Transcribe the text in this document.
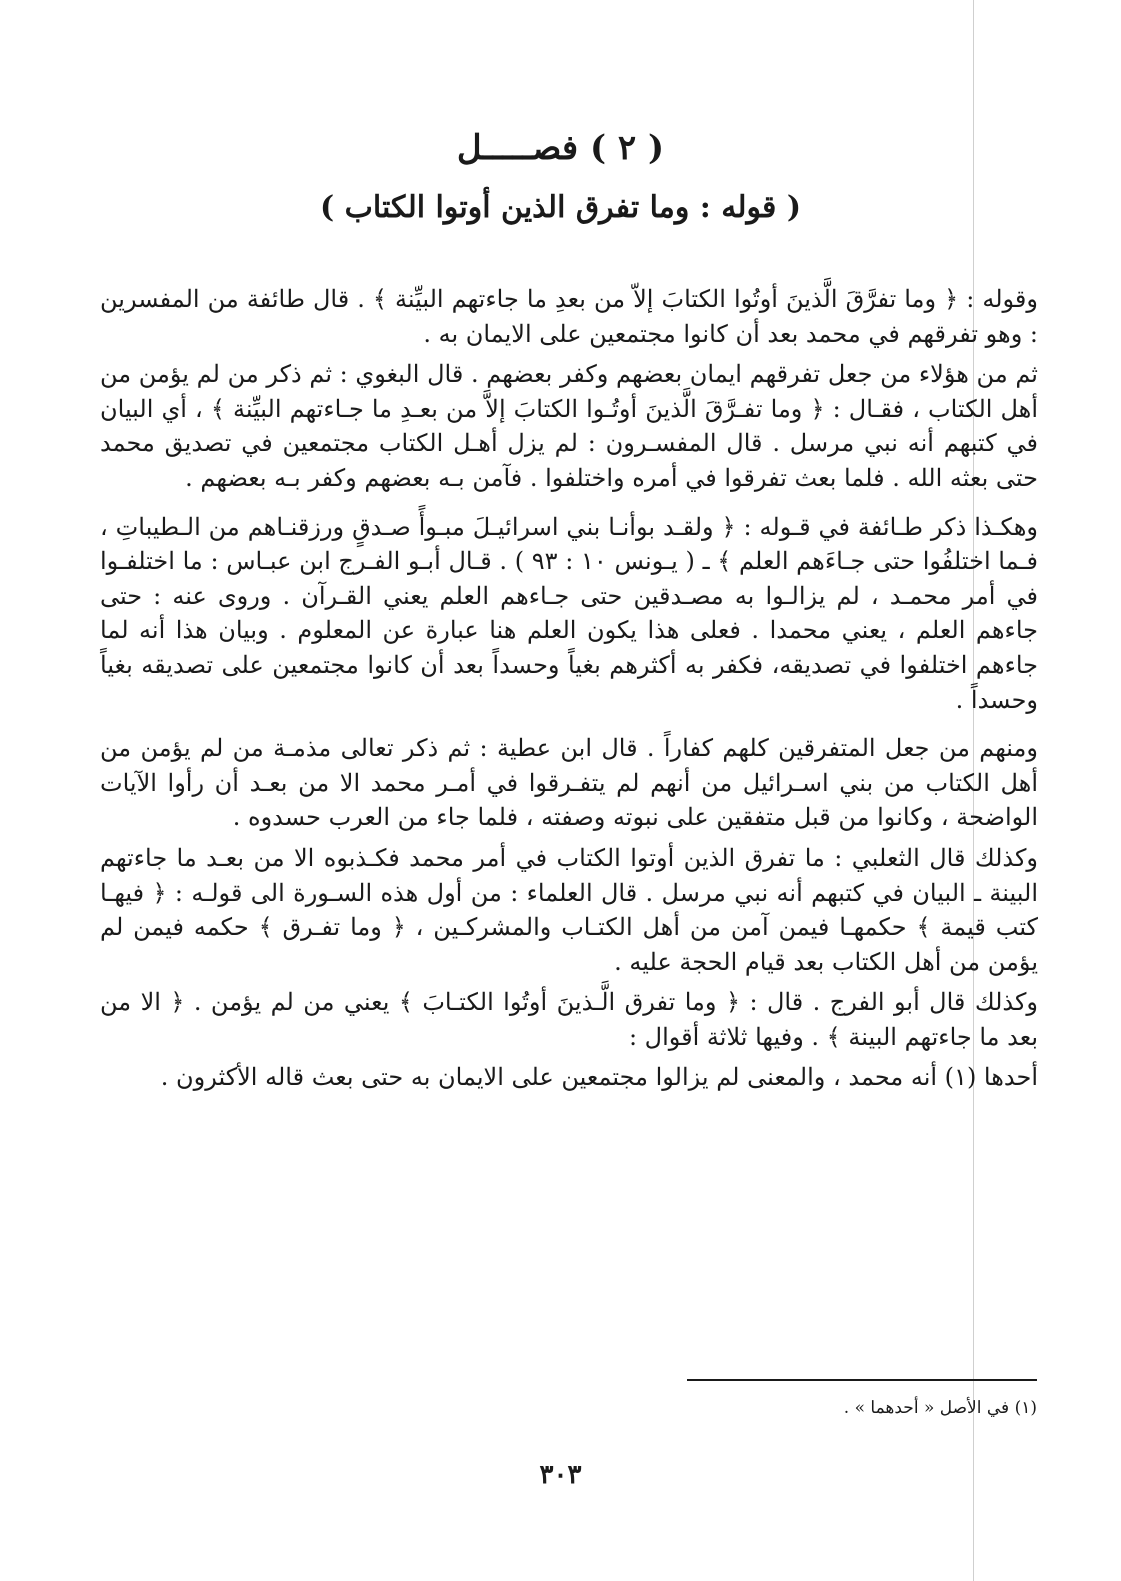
( ٢ ) فصـــــل
( قوله : وما تفرق الذين أوتوا الكتاب )

وقوله : ﴿ وما تفرَّقَ الَّذينَ أوتُوا الكتابَ إلاّ من بعدِ ما جاءتهم البيِّنة ﴾ . قال طائفة من المفسرين : وهو تفرقهم في محمد بعد أن كانوا مجتمعين على الايمان به .

ثم من هؤلاء من جعل تفرقهم ايمان بعضهم وكفر بعضهم . قال البغوي : ثم ذكر من لم يؤمن من أهل الكتاب ، فقـال : ﴿ وما تفـرَّقَ الَّذينَ أوتُـوا الكتابَ إلاَّ من بعـدِ ما جـاءتهم البيِّنة ﴾ ، أي البيان في كتبهم أنه نبي مرسل . قال المفسـرون : لم يزل أهـل الكتاب مجتمعين في تصديق محمد حتى بعثه الله . فلما بعث تفرقوا في أمره واختلفوا . فآمن بـه بعضهم وكفر بـه بعضهم .

وهكـذا ذكر طـائفة في قـوله : ﴿ ولقـد بوأنـا بني اسرائيـلَ مبـوأً صـدقٍ ورزقنـاهم من الـطيباتِ ، فـما اختلفُوا حتى جـاءَهم العلم ﴾ ـ ( يـونس ١٠ : ٩٣ ) . قـال أبـو الفـرج ابن عبـاس : ما اختلفـوا في أمر محمـد ، لم يزالـوا به مصـدقين حتى جـاءهم العلم يعني القـرآن . وروى عنه : حتى جاءهم العلم ، يعني محمدا . فعلى هذا يكون العلم هنا عبارة عن المعلوم . وبيان هذا أنه لما جاءهم اختلفوا في تصديقه، فكفر به أكثرهم بغياً وحسداً بعد أن كانوا مجتمعين على تصديقه بغياً وحسداً .

ومنهم من جعل المتفرقين كلهم كفاراً . قال ابن عطية : ثم ذكر تعالى مذمـة من لم يؤمن من أهل الكتاب من بني اسـرائيل من أنهم لم يتفـرقوا في أمـر محمد الا من بعـد أن رأوا الآيات الواضحة ، وكانوا من قبل متفقين على نبوته وصفته ، فلما جاء من العرب حسدوه .

وكذلك قال الثعلبي : ما تفرق الذين أوتوا الكتاب في أمر محمد فكـذبوه الا من بعـد ما جاءتهم البينة ـ البيان في كتبهم أنه نبي مرسل . قال العلماء : من أول هذه السـورة الى قولـه : ﴿ فيهـا كتب قيمة ﴾ حكمهـا فيمن آمن من أهل الكتـاب والمشركـين ، ﴿ وما تفـرق ﴾ حكمه فيمن لم يؤمن من أهل الكتاب بعد قيام الحجة عليه .

وكذلك قال أبو الفرج . قال : ﴿ وما تفرق الَّـذينَ أوتُوا الكتـابَ ﴾ يعني من لم يؤمن . ﴿ الا من بعد ما جاءتهم البينة ﴾ . وفيها ثلاثة أقوال :

أحدها (١) أنه محمد ، والمعنى لم يزالوا مجتمعين على الايمان به حتى بعث قاله الأكثرون .

(١) في الأصل « أحدهما » .
٣٠٣
